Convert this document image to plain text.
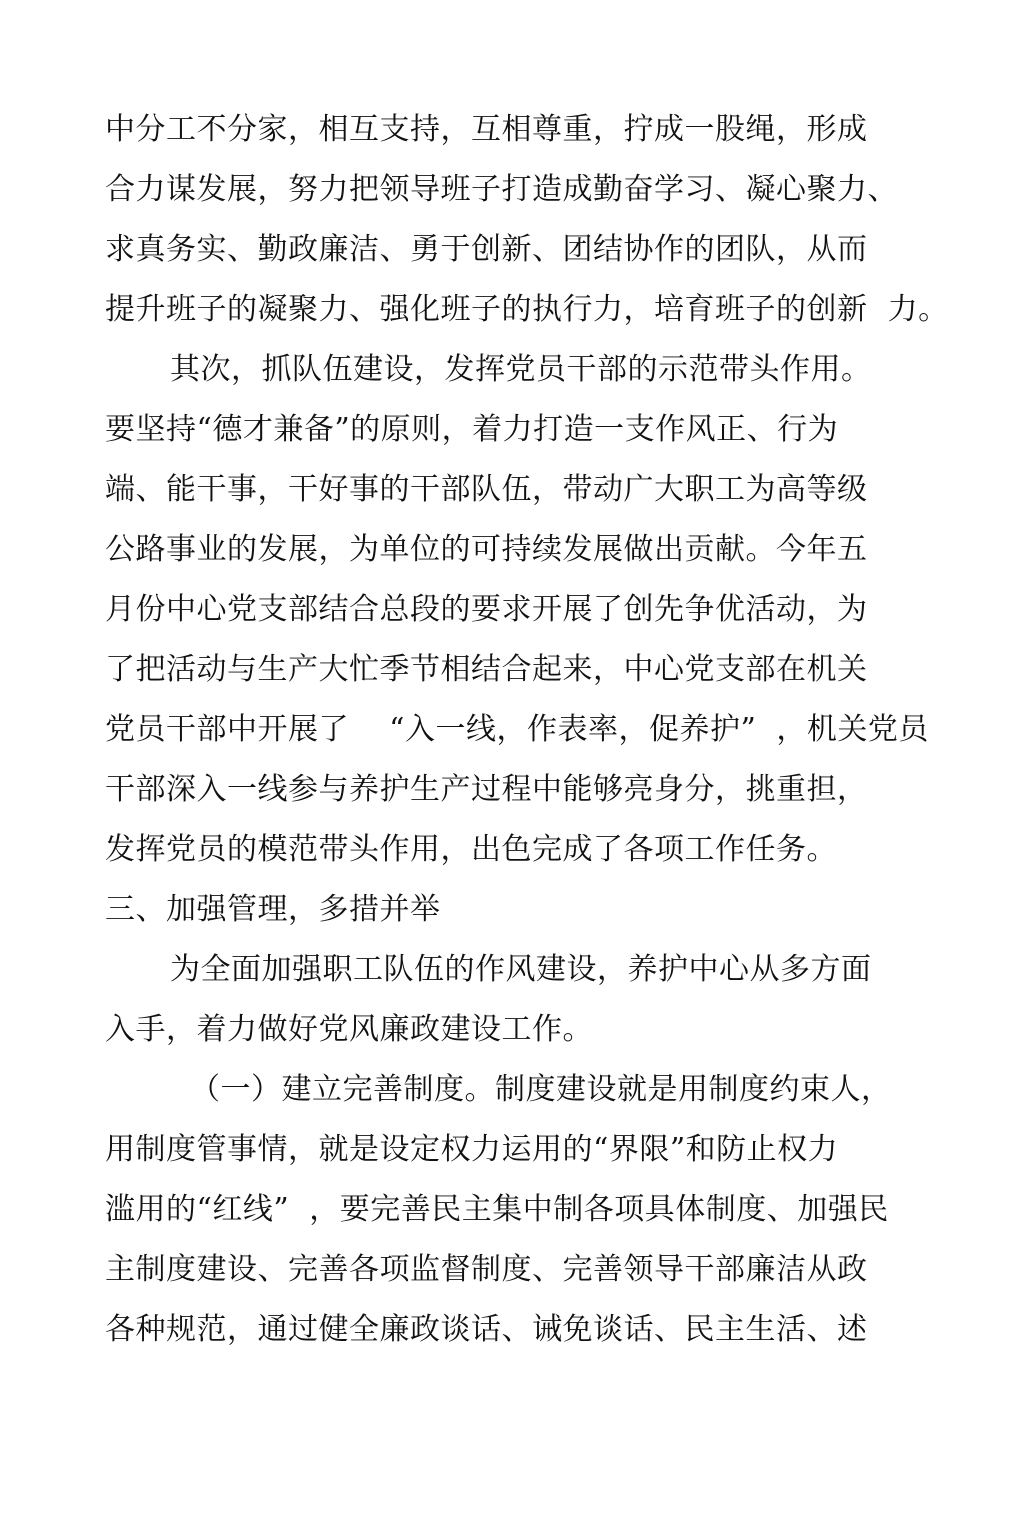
中分工不分家，相互支持，互相尊重，拧成一股绳，形成
合力谋发展，努力把领导班子打造成勤奋学习、凝心聚力、
求真务实、勤政廉洁、勇于创新、团结协作的团队，从而
提升班子的凝聚力、强化班子的执行力，培育班子的创新  力。
其次，抓队伍建设，发挥党员干部的示范带头作用。
要坚持“德才兼备”的原则，着力打造一支作风正、行为
端、能干事，干好事的干部队伍，带动广大职工为高等级
公路事业的发展，为单位的可持续发展做出贡献。今年五
月份中心党支部结合总段的要求开展了创先争优活动，为
了把活动与生产大忙季节相结合起来，中心党支部在机关
党员干部中开展了    “入一线，作表率，促养护”  ，机关党员
干部深入一线参与养护生产过程中能够亮身分，挑重担，
发挥党员的模范带头作用，出色完成了各项工作任务。
三、加强管理，多措并举
为全面加强职工队伍的作风建设，养护中心从多方面
入手，着力做好党风廉政建设工作。
（一）建立完善制度。制度建设就是用制度约束人，
用制度管事情，就是设定权力运用的“界限”和防止权力
滥用的“红线”  ，要完善民主集中制各项具体制度、加强民
主制度建设、完善各项监督制度、完善领导干部廉洁从政
各种规范，通过健全廉政谈话、诫免谈话、民主生活、述
